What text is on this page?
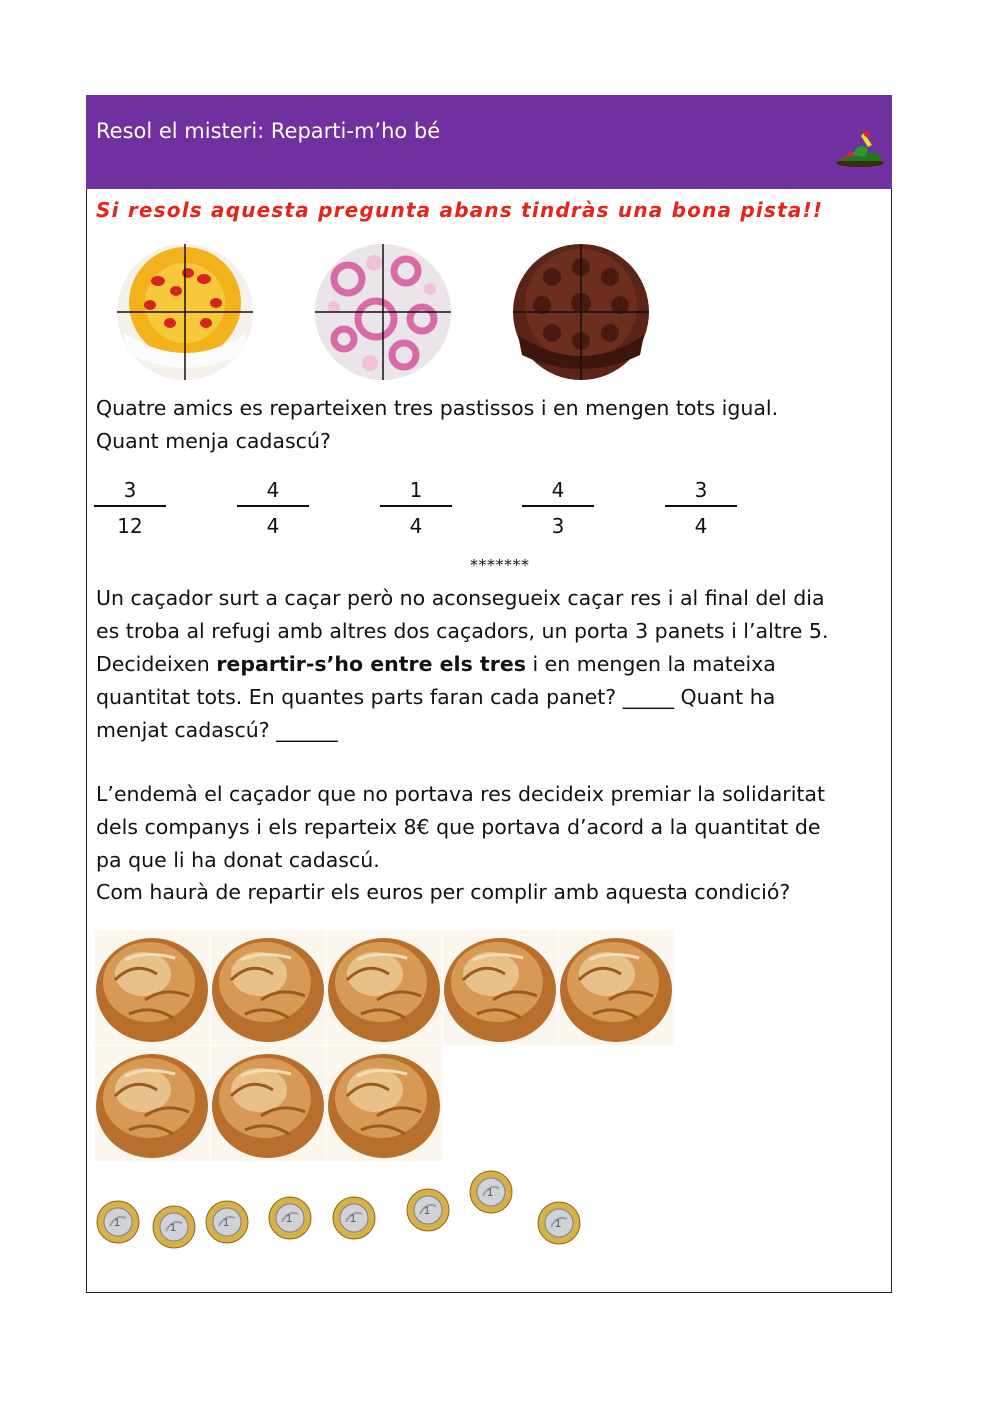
Resol el misteri: Reparti-m’ho bé
Si resols aquesta pregunta abans tindràs una bona pista!!

Quatre amics es reparteixen tres pastissos i en mengen tots igual.

Quant menja cadascú?

3
12
4
4
1
4
4
3
3
4
*******

Un caçador surt a caçar però no aconsegueix caçar res i al final del dia

es troba al refugi amb altres dos caçadors, un porta 3 panets i l’altre 5.

Decideixen repartir-s’ho entre els tres i en mengen la mateixa

quantitat tots. En quantes parts faran cada panet? _____ Quant ha

menjat cadascú? ______

L’endemà el caçador que no portava res decideix premiar la solidaritat

dels companys i els reparteix 8€ que portava d’acord a la quantitat de

pa que li ha donat cadascú.

Com haurà de repartir els euros per complir amb aquesta condició?

1	1	1	1	1
1
1
1
